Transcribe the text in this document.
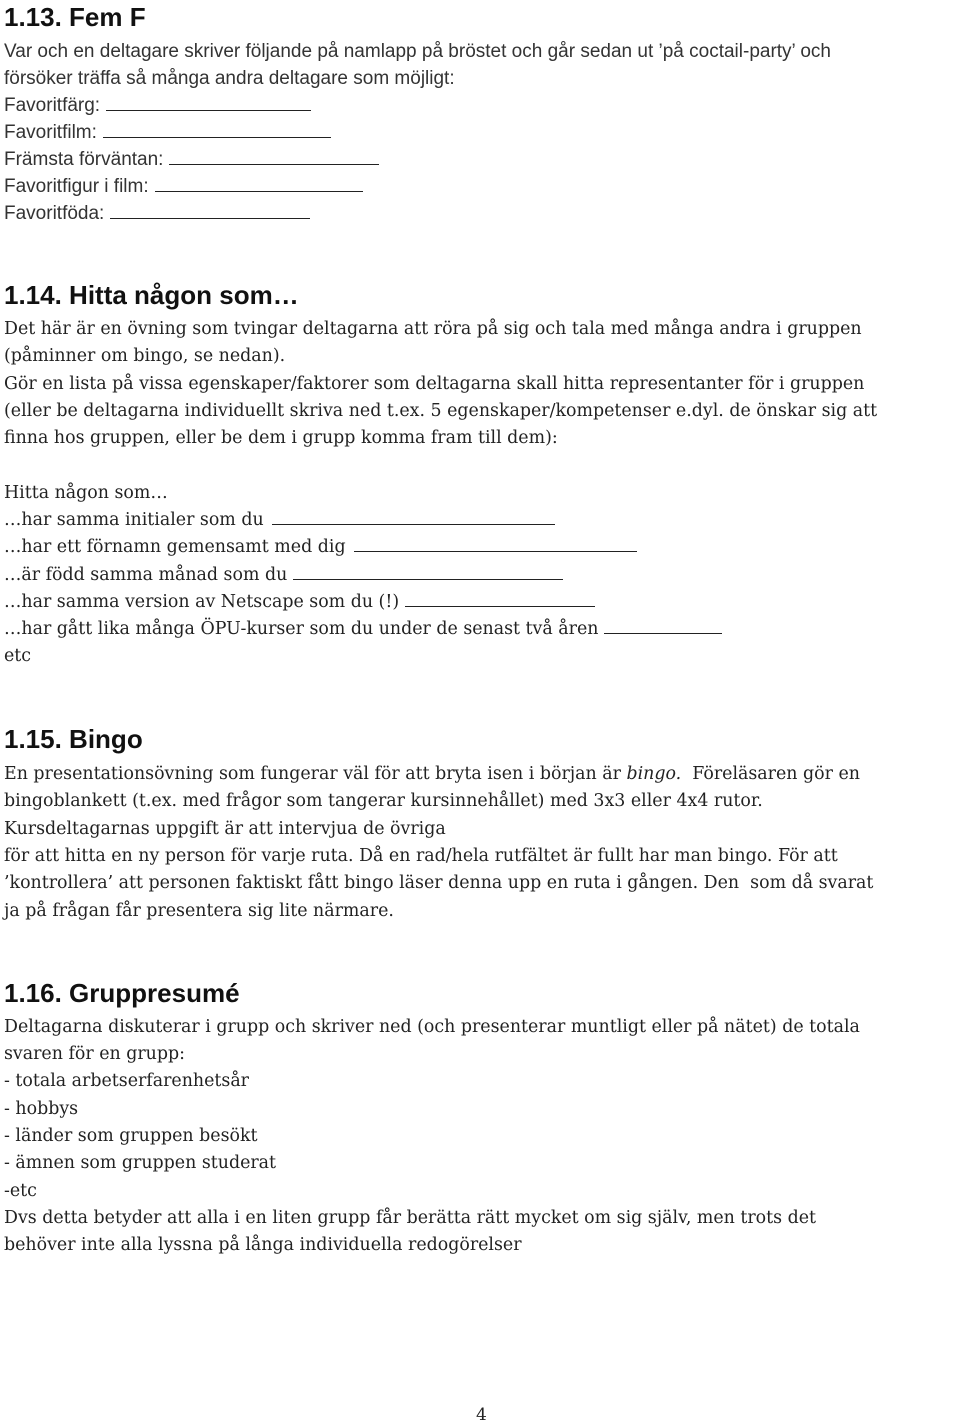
1.13. Fem F
Var och en deltagare skriver följande på namlapp på bröstet och går sedan ut ’på coctail-party’ och
försöker träffa så många andra deltagare som möjligt:
Favoritfärg:
Favoritfilm:
Främsta förväntan:
Favoritfigur i film:
Favoritföda:
1.14. Hitta någon som…
Det här är en övning som tvingar deltagarna att röra på sig och tala med många andra i gruppen
(påminner om bingo, se nedan).
Gör en lista på vissa egenskaper/faktorer som deltagarna skall hitta representanter för i gruppen
(eller be deltagarna individuellt skriva ned t.ex. 5 egenskaper/kompetenser e.dyl. de önskar sig att
finna hos gruppen, eller be dem i grupp komma fram till dem):
Hitta någon som…
…har samma initialer som du
…har ett förnamn gemensamt med dig
…är född samma månad som du
…har samma version av Netscape som du (!)
…har gått lika många ÖPU-kurser som du under de senast två åren
etc
1.15. Bingo
En presentationsövning som fungerar väl för att bryta isen i början är bingo.  Föreläsaren gör en
bingoblankett (t.ex. med frågor som tangerar kursinnehållet) med 3x3 eller 4x4 rutor.
Kursdeltagarnas uppgift är att intervjua de övriga
för att hitta en ny person för varje ruta. Då en rad/hela rutfältet är fullt har man bingo. För att
’kontrollera’ att personen faktiskt fått bingo läser denna upp en ruta i gången. Den  som då svarat
ja på frågan får presentera sig lite närmare.
1.16. Gruppresumé
Deltagarna diskuterar i grupp och skriver ned (och presenterar muntligt eller på nätet) de totala
svaren för en grupp:
- totala arbetserfarenhetsår
- hobbys
- länder som gruppen besökt
- ämnen som gruppen studerat
-etc
Dvs detta betyder att alla i en liten grupp får berätta rätt mycket om sig själv, men trots det
behöver inte alla lyssna på långa individuella redogörelser
4
